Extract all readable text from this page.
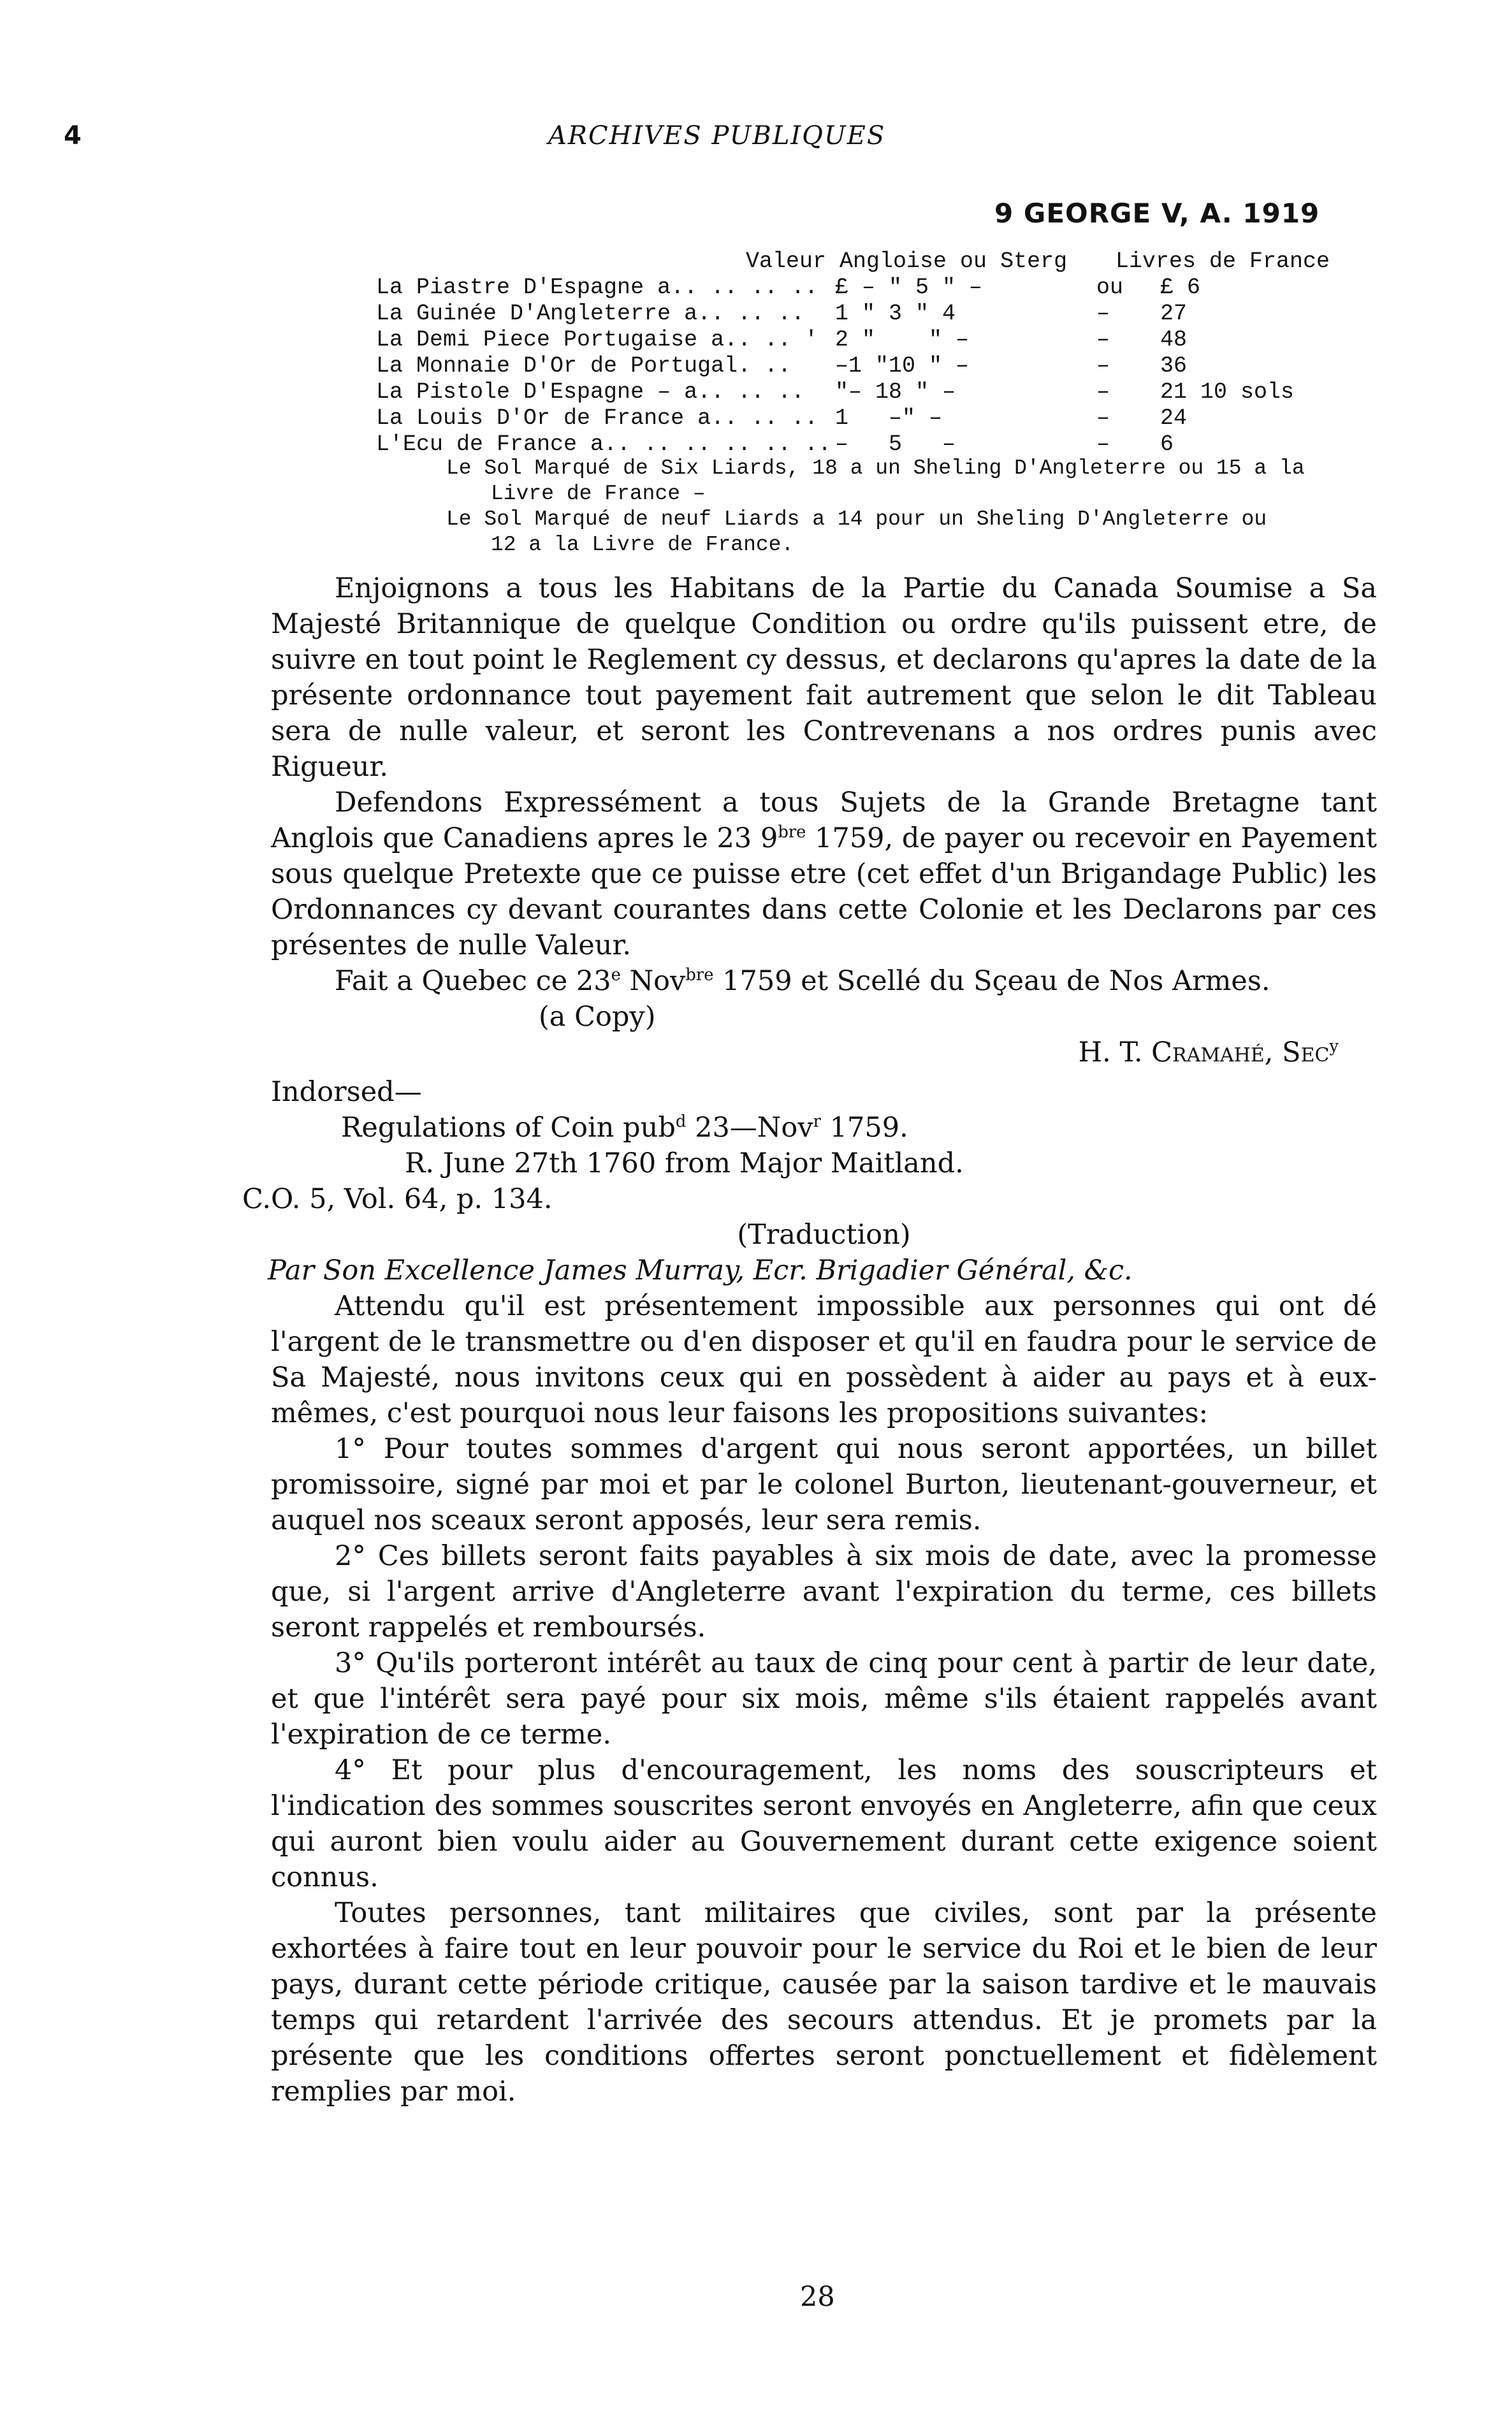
4	ARCHIVES PUBLIQUES
9 GEORGE V, A. 1919
Valeur Angloise ou Sterg Livres de France
La Piastre D'Espagne a.. .. .. .. £ – " 5 " –	ou £ 6
La Guinée D'Angleterre a.. .. .. 1 " 3 " 4	– 27
La Demi Piece Portugaise a.. .. ' 2 "    " –	– 48
La Monnaie D'Or de Portugal. .. –1 "10 " –	– 36
La Pistole D'Espagne – a.. .. .. "– 18 " –	– 21 10 sols
La Louis D'Or de France a.. .. .. 1   –" –	– 24
L'Ecu de France a.. .. .. .. .. .. –   5   –	– 6
Le Sol Marqué de Six Liards, 18 a un Sheling D'Angleterre ou 15 a la
Livre de France –
Le Sol Marqué de neuf Liards a 14 pour un Sheling D'Angleterre ou
12 a la Livre de France.

Enjoignons a tous les Habitans de la Partie du Canada Soumise a Sa Majesté Britannique de quelque Condition ou ordre qu'ils puissent etre, de suivre en tout point le Reglement cy dessus, et declarons qu'apres la date de la présente ordonnance tout payement fait autrement que selon le dit Tableau sera de nulle valeur, et seront les Contrevenans a nos ordres punis avec Rigueur.

Defendons Expressément a tous Sujets de la Grande Bretagne tant Anglois que Canadiens apres le 23 $9^{bre}$ 1759, de payer ou recevoir en Payement sous quelque Pretexte que ce puisse etre (cet effet d'un Brigandage Public) les Ordonnances cy devant courantes dans cette Colonie et les Declarons par ces présentes de nulle Valeur.

Fait a Quebec ce 23e Nov$^{bre}$ 1759 et Scellé du Sçeau de Nos Armes.

(a Copy)

H. T. Cramahé, Sec$^y$

Indorsed—

Regulations of Coin pub$^d$ 23—Nov$^r$ 1759.

R. June 27th 1760 from Major Maitland.

C.O. 5, Vol. 64, p. 134.

(Traduction)

Par Son Excellence James Murray, Ecr. Brigadier Général, &c.

Attendu qu'il est présentement impossible aux personnes qui ont dé l'argent de le transmettre ou d'en disposer et qu'il en faudra pour le service de Sa Majesté, nous invitons ceux qui en possèdent à aider au pays et à eux-mêmes, c'est pourquoi nous leur faisons les propositions suivantes:

1° Pour toutes sommes d'argent qui nous seront apportées, un billet promissoire, signé par moi et par le colonel Burton, lieutenant-gouverneur, et auquel nos sceaux seront apposés, leur sera remis.

2° Ces billets seront faits payables à six mois de date, avec la promesse que, si l'argent arrive d'Angleterre avant l'expiration du terme, ces billets seront rappelés et remboursés.

3° Qu'ils porteront intérêt au taux de cinq pour cent à partir de leur date, et que l'intérêt sera payé pour six mois, même s'ils étaient rappelés avant l'expiration de ce terme.

4° Et pour plus d'encouragement, les noms des souscripteurs et l'indication des sommes souscrites seront envoyés en Angleterre, afin que ceux qui auront bien voulu aider au Gouvernement durant cette exigence soient connus.

Toutes personnes, tant militaires que civiles, sont par la présente exhortées à faire tout en leur pouvoir pour le service du Roi et le bien de leur pays, durant cette période critique, causée par la saison tardive et le mauvais temps qui retardent l'arrivée des secours attendus. Et je promets par la présente que les conditions offertes seront ponctuellement et fidèlement remplies par moi.

28
